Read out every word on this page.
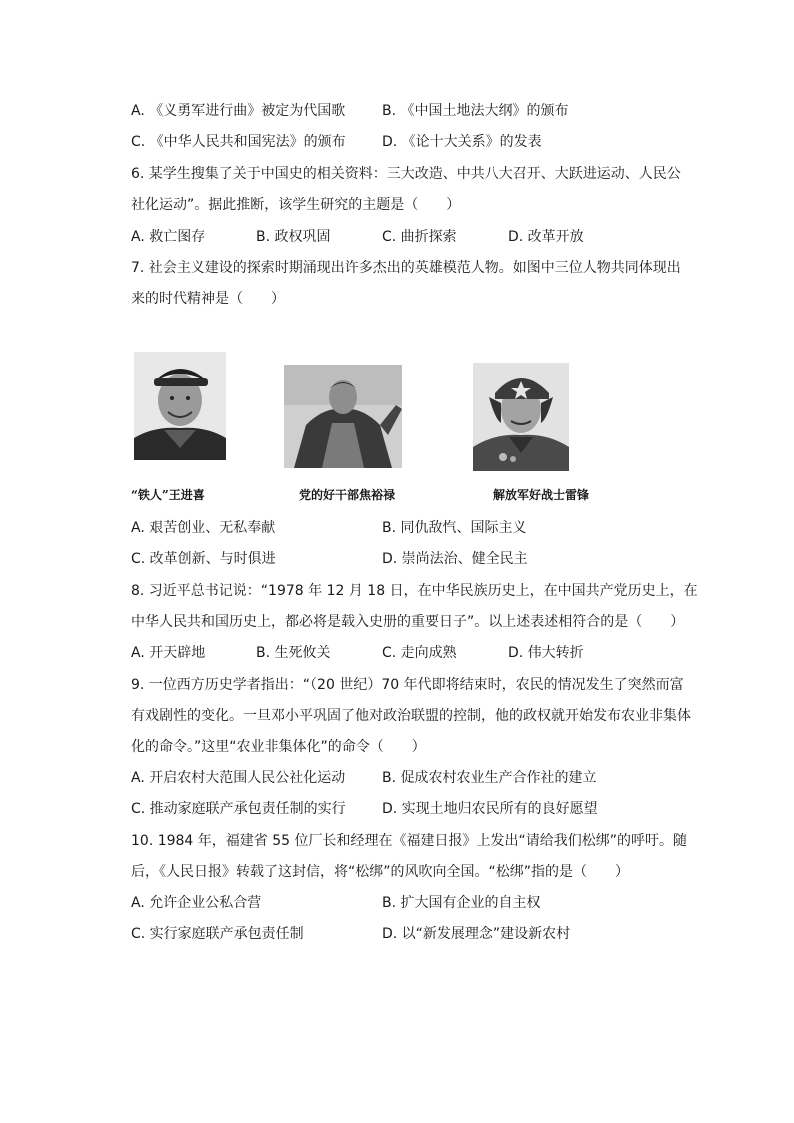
A. 《义勇军进行曲》被定为代国歌	B. 《中国土地法大纲》的颁布
C. 《中华人民共和国宪法》的颁布	D. 《论十大关系》的发表
6. 某学生搜集了关于中国史的相关资料：三大改造、中共八大召开、大跃进运动、人民公
社化运动”。据此推断，该学生研究的主题是（　　）
A. 救亡图存	B. 政权巩固	C. 曲折探索	D. 改革开放
7. 社会主义建设的探索时期涌现出许多杰出的英雄模范人物。如图中三位人物共同体现出
来的时代精神是（　　）
“铁人”王进喜	党的好干部焦裕禄	解放军好战士雷锋
A. 艰苦创业、无私奉献	B. 同仇敌忾、国际主义
C. 改革创新、与时俱进	D. 崇尚法治、健全民主
8. 习近平总书记说：“1978 年 12 月 18 日，在中华民族历史上，在中国共产党历史上，在
中华人民共和国历史上，都必将是载入史册的重要日子”。以上述表述相符合的是（　　）
A. 开天辟地	B. 生死攸关	C. 走向成熟	D. 伟大转折
9. 一位西方历史学者指出：“（20 世纪）70 年代即将结束时，农民的情况发生了突然而富
有戏剧性的变化。一旦邓小平巩固了他对政治联盟的控制，他的政权就开始发布农业非集体
化的命令。”这里“农业非集体化”的命令（　　）
A. 开启农村大范围人民公社化运动	B. 促成农村农业生产合作社的建立
C. 推动家庭联产承包责任制的实行	D. 实现土地归农民所有的良好愿望
10. 1984 年，福建省 55 位厂长和经理在《福建日报》上发出“请给我们松绑”的呼吁。随
后，《人民日报》转载了这封信，将“松绑”的风吹向全国。“松绑”指的是（　　）
A. 允许企业公私合营	B. 扩大国有企业的自主权
C. 实行家庭联产承包责任制	D. 以“新发展理念”建设新农村
